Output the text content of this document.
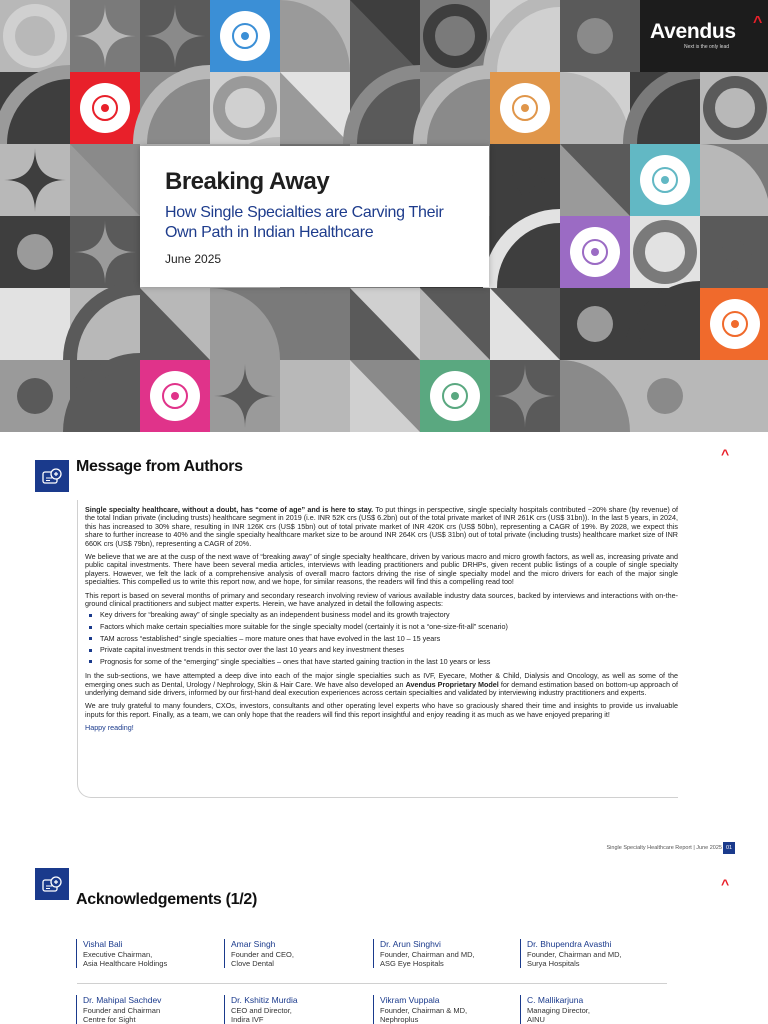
Avendus ^
Next is the only lead
Breaking Away
How Single Specialties are Carving Their Own Path in Indian Healthcare
June 2025
Message from Authors
^

Single specialty healthcare, without a doubt, has “come of age” and is here to stay. To put things in perspective, single specialty hospitals contributed ~20% share (by revenue) of the total Indian private (including trusts) healthcare segment in 2019 (i.e. INR 52K crs (US$ 6.2bn) out of the total private market of INR 261K crs (US$ 31bn)). In the last 5 years, in 2024, this has increased to 30% share, resulting in INR 126K crs (US$ 15bn) out of total private market of INR 420K crs (US$ 50bn), representing a CAGR of 19%. By 2028, we expect this share to further increase to 40% and the single specialty healthcare market size to be around INR 264K crs (US$ 31bn) out of total private (including trusts) healthcare market size of INR 660K crs (US$ 79bn), representing a CAGR of 20%.

We believe that we are at the cusp of the next wave of “breaking away” of single specialty healthcare, driven by various macro and micro growth factors, as well as, increasing private and public capital investments. There have been several media articles, interviews with leading practitioners and public DRHPs, given recent public listings of a couple of single specialty players. However, we felt the lack of a comprehensive analysis of overall macro factors driving the rise of single specialty model and the micro drivers for each of the major single specialties. This compelled us to write this report now, and we hope, for similar reasons, the readers will find this a compelling read too!

This report is based on several months of primary and secondary research involving review of various available industry data sources, backed by interviews and interactions with on-the-ground clinical practitioners and subject matter experts. Herein, we have analyzed in detail the following aspects:

Key drivers for “breaking away” of single specialty as an independent business model and its growth trajectory
Factors which make certain specialties more suitable for the single specialty model (certainly it is not a “one-size-fit-all” scenario)
TAM across “established” single specialties – more mature ones that have evolved in the last 10 – 15 years
Private capital investment trends in this sector over the last 10 years and key investment theses
Prognosis for some of the “emerging” single specialties – ones that have started gaining traction in the last 10 years or less

In the sub-sections, we have attempted a deep dive into each of the major single specialties such as IVF, Eyecare, Mother & Child, Dialysis and Oncology, as well as some of the emerging ones such as Dental, Urology / Nephrology, Skin & Hair Care. We have also developed an Avendus Proprietary Model for demand estimation based on bottom-up approach of underlying demand side drivers, informed by our first-hand deal execution experiences across certain specialties and validated by interviewing industry practitioners and experts.

We are truly grateful to many founders, CXOs, investors, consultants and other operating level experts who have so graciously shared their time and insights to provide us invaluable inputs for this report. Finally, as a team, we can only hope that the readers will find this report insightful and enjoy reading it as much as we have enjoyed preparing it!

Happy reading!

Single Specialty Healthcare Report | June 2025 01
Acknowledgements (1/2)
^
Vishal Bali
Executive Chairman,
Asia Healthcare Holdings
Amar Singh
Founder and CEO,
Clove Dental
Dr. Arun Singhvi
Founder, Chairman and MD,
ASG Eye Hospitals
Dr. Bhupendra Avasthi
Founder, Chairman and MD,
Surya Hospitals
Dr. Mahipal Sachdev
Founder and Chairman
Centre for Sight
Dr. Kshitiz Murdia
CEO and Director,
Indira IVF
Vikram Vuppala
Founder, Chairman & MD,
Nephroplus
C. Mallikarjuna
Managing Director,
AINU
